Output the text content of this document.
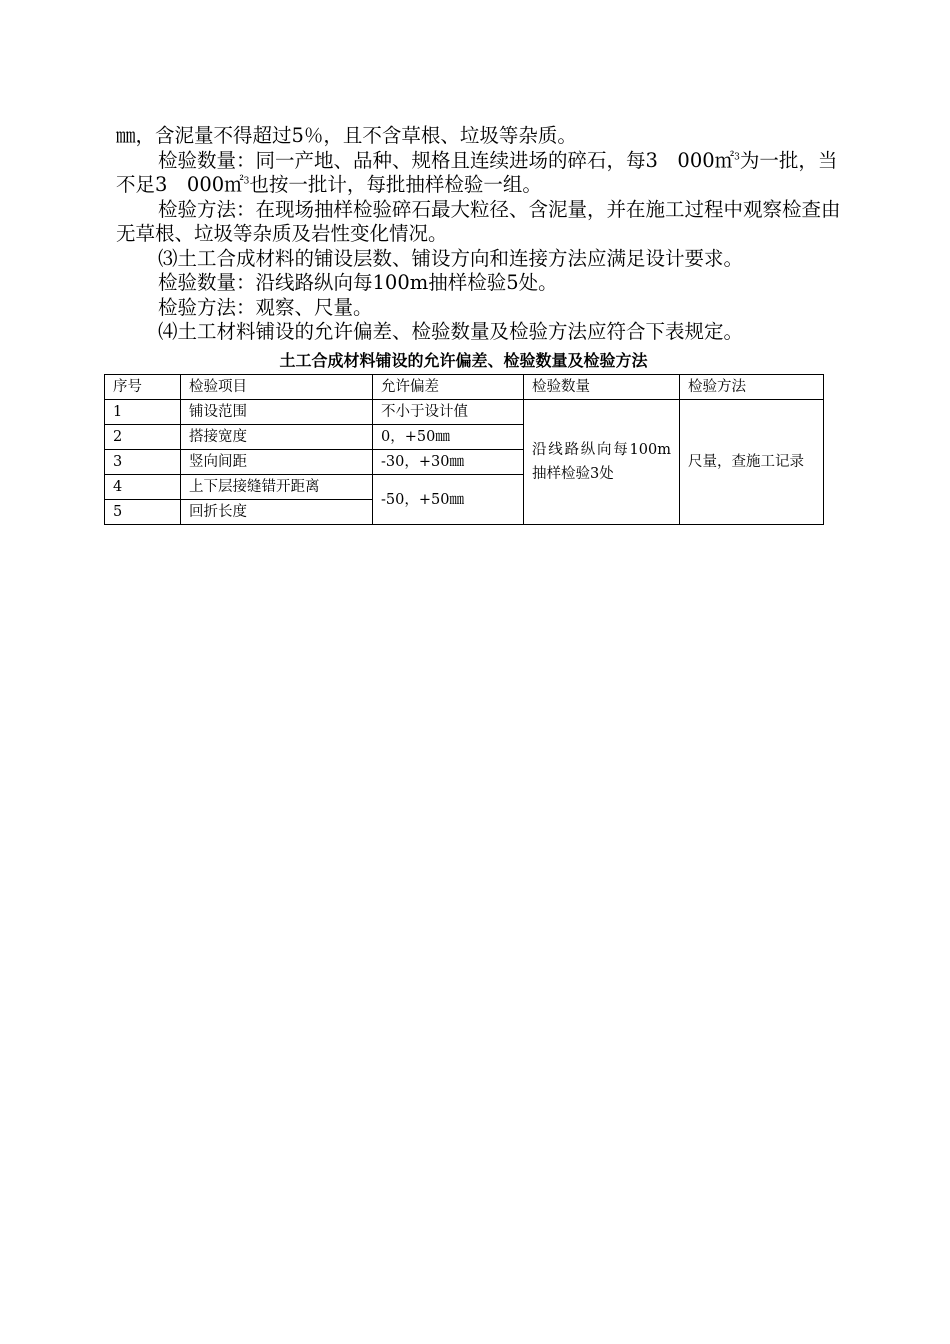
㎜，含泥量不得超过5％，且不含草根、垃圾等杂质。

检验数量：同一产地、品种、规格且连续进场的碎石，每3　000㎡$^3$为一批，当不足3　000㎡$^3$也按一批计，每批抽样检验一组。

检验方法：在现场抽样检验碎石最大粒径、含泥量，并在施工过程中观察检查由无草根、垃圾等杂质及岩性变化情况。

⑶土工合成材料的铺设层数、铺设方向和连接方法应满足设计要求。

检验数量：沿线路纵向每100m抽样检验5处。

检验方法：观察、尺量。

⑷土工材料铺设的允许偏差、检验数量及检验方法应符合下表规定。

土工合成材料铺设的允许偏差、检验数量及检验方法
序号	检验项目	允许偏差	检验数量	检验方法
1	铺设范围	不小于设计值	沿线路纵向每100m抽样检验3处	尺量，查施工记录
2	搭接宽度	0，+50㎜		
3	竖向间距	-30，+30㎜		
4	上下层接缝错开距离	-50，+50㎜		
5	回折长度			
